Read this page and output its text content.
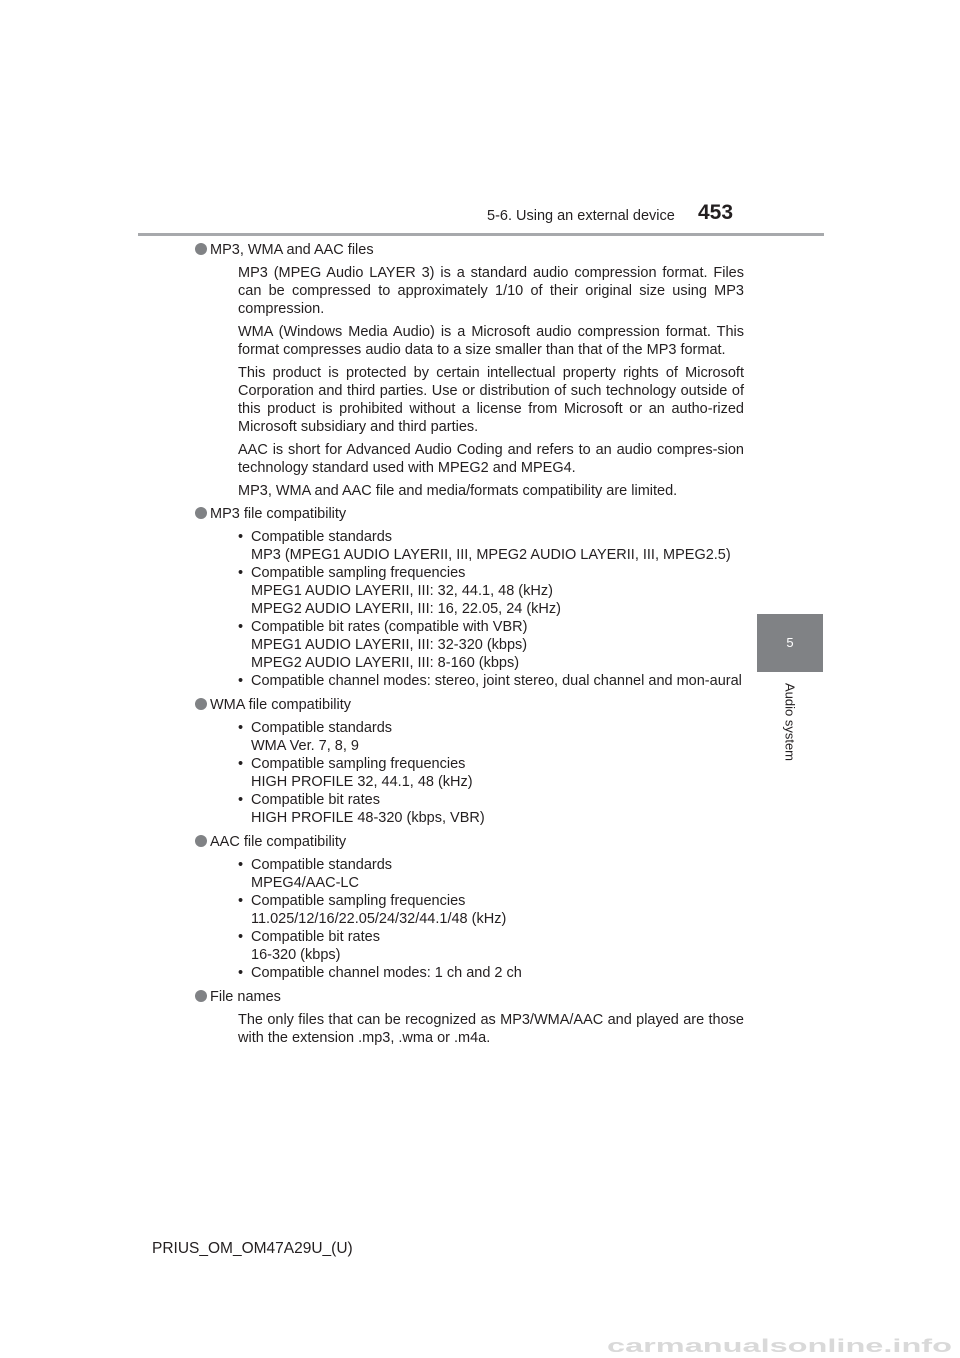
5-6. Using an external device 453
5
Audio system

MP3, WMA and AAC files

MP3 (MPEG Audio LAYER 3) is a standard audio compression format. Files can be compressed to approximately 1/10 of their original size using MP3 compression.

WMA (Windows Media Audio) is a Microsoft audio compression format. This format compresses audio data to a size smaller than that of the MP3 format.

This product is protected by certain intellectual property rights of Microsoft Corporation and third parties. Use or distribution of such technology outside of this product is prohibited without a license from Microsoft or an autho-rized Microsoft subsidiary and third parties.

AAC is short for Advanced Audio Coding and refers to an audio compres-sion technology standard used with MPEG2 and MPEG4.

MP3, WMA and AAC file and media/formats compatibility are limited.

MP3 file compatibility

• Compatible standards
MP3 (MPEG1 AUDIO LAYERII, III, MPEG2 AUDIO LAYERII, III, MPEG2.5)
• Compatible sampling frequencies
MPEG1 AUDIO LAYERII, III: 32, 44.1, 48 (kHz)
MPEG2 AUDIO LAYERII, III: 16, 22.05, 24 (kHz)
• Compatible bit rates (compatible with VBR)
MPEG1 AUDIO LAYERII, III: 32-320 (kbps)
MPEG2 AUDIO LAYERII, III: 8-160 (kbps)
• Compatible channel modes: stereo, joint stereo, dual channel and mon-aural

WMA file compatibility

• Compatible standards
WMA Ver. 7, 8, 9
• Compatible sampling frequencies
HIGH PROFILE 32, 44.1, 48 (kHz)
• Compatible bit rates
HIGH PROFILE 48-320 (kbps, VBR)

AAC file compatibility

• Compatible standards
MPEG4/AAC-LC
• Compatible sampling frequencies
11.025/12/16/22.05/24/32/44.1/48 (kHz)
• Compatible bit rates
16-320 (kbps)
• Compatible channel modes: 1 ch and 2 ch

File names

The only files that can be recognized as MP3/WMA/AAC and played are those with the extension .mp3, .wma or .m4a.

PRIUS_OM_OM47A29U_(U)
carmanualsonline.info
